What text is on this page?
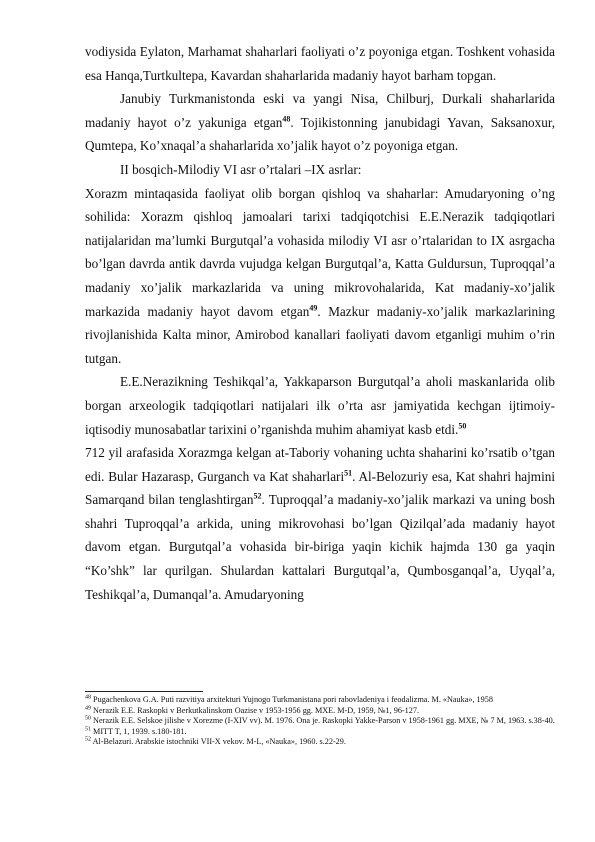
vodiysida Eylaton, Marhamat shaharlari faoliyati o’z poyoniga etgan. Toshkent vohasida esa Hanqa,Turtkultepa, Kavardan shaharlarida madaniy hayot barham topgan.

Janubiy Turkmanistonda eski va yangi Nisa, Chilburj, Durkali shaharlarida madaniy hayot o’z yakuniga etgan$^{48}$. Tojikistonning janubidagi Yavan, Saksanoxur, Qumtepa, Ko’xnaqal’a shaharlarida xo’jalik hayot o’z poyoniga etgan.

II bosqich-Milodiy VI asr o’rtalari –IX asrlar:

Xorazm mintaqasida faoliyat olib borgan qishloq va shaharlar: Amudaryoning o’ng sohilida: Xorazm qishloq jamoalari tarixi tadqiqotchisi E.E.Nerazik tadqiqotlari natijalaridan ma’lumki Burgutqal’a vohasida milodiy VI asr o’rtalaridan to IX asrgacha bo’lgan davrda antik davrda vujudga kelgan Burgutqal’a, Katta Guldursun, Tuproqqal’a madaniy xo’jalik markazlarida va uning mikrovohalarida, Kat madaniy-xo’jalik markazida madaniy hayot davom etgan$^{49}$. Mazkur madaniy-xo’jalik markazlarining rivojlanishida Kalta minor, Amirobod kanallari faoliyati davom etganligi muhim o’rin tutgan.

E.E.Nerazikning Teshikqal’a, Yakkaparson Burgutqal’a aholi maskanlarida olib borgan arxeologik tadqiqotlari natijalari ilk o’rta asr jamiyatida kechgan ijtimoiy-iqtisodiy munosabatlar tarixini o’rganishda muhim ahamiyat kasb etdi.$^{50}$

712 yil arafasida Xorazmga kelgan at-Taboriy vohaning uchta shaharini ko’rsatib o’tgan edi. Bular Hazarasp, Gurganch va Kat shaharlari$^{51}$. Al-Belozuriy esa, Kat shahri hajmini Samarqand bilan tenglashtirgan$^{52}$. Tuproqqal’a madaniy-xo’jalik markazi va uning bosh shahri Tuproqqal’a arkida, uning mikrovohasi bo’lgan Qizilqal’ada madaniy hayot davom etgan. Burgutqal’a vohasida bir-biriga yaqin kichik hajmda 130 ga yaqin “Ko’shk” lar qurilgan. Shulardan kattalari Burgutqal’a, Qumbosganqal’a, Uyqal’a, Teshikqal’a, Dumanqal’a. Amudaryoning

$^{48}$ Pugachenkova G.A. Puti razvitiya arxitekturi Yujnogo Turkmanistana pori rabovladeniya i feodalizma. M. «Nauka», 1958

$^{49}$ Nerazik E.E. Raskopki v Berkutkalinskom Oazise v 1953-1956 gg. MXE. M-D, 1959, №1, 96-127.

$^{50}$ Nerazik E.E. Selskoe jilishe v Xorezme (I-XIV vv). M. 1976. Ona je. Raskopki Yakke-Parson v 1958-1961 gg. MXE, № 7 M, 1963. s.38-40.

$^{51}$ MITT T, 1, 1939. s.180-181.

$^{52}$ Al-Belazuri. Arabskie istochniki VII-X vekov. M-L, «Nauka», 1960. s.22-29.
